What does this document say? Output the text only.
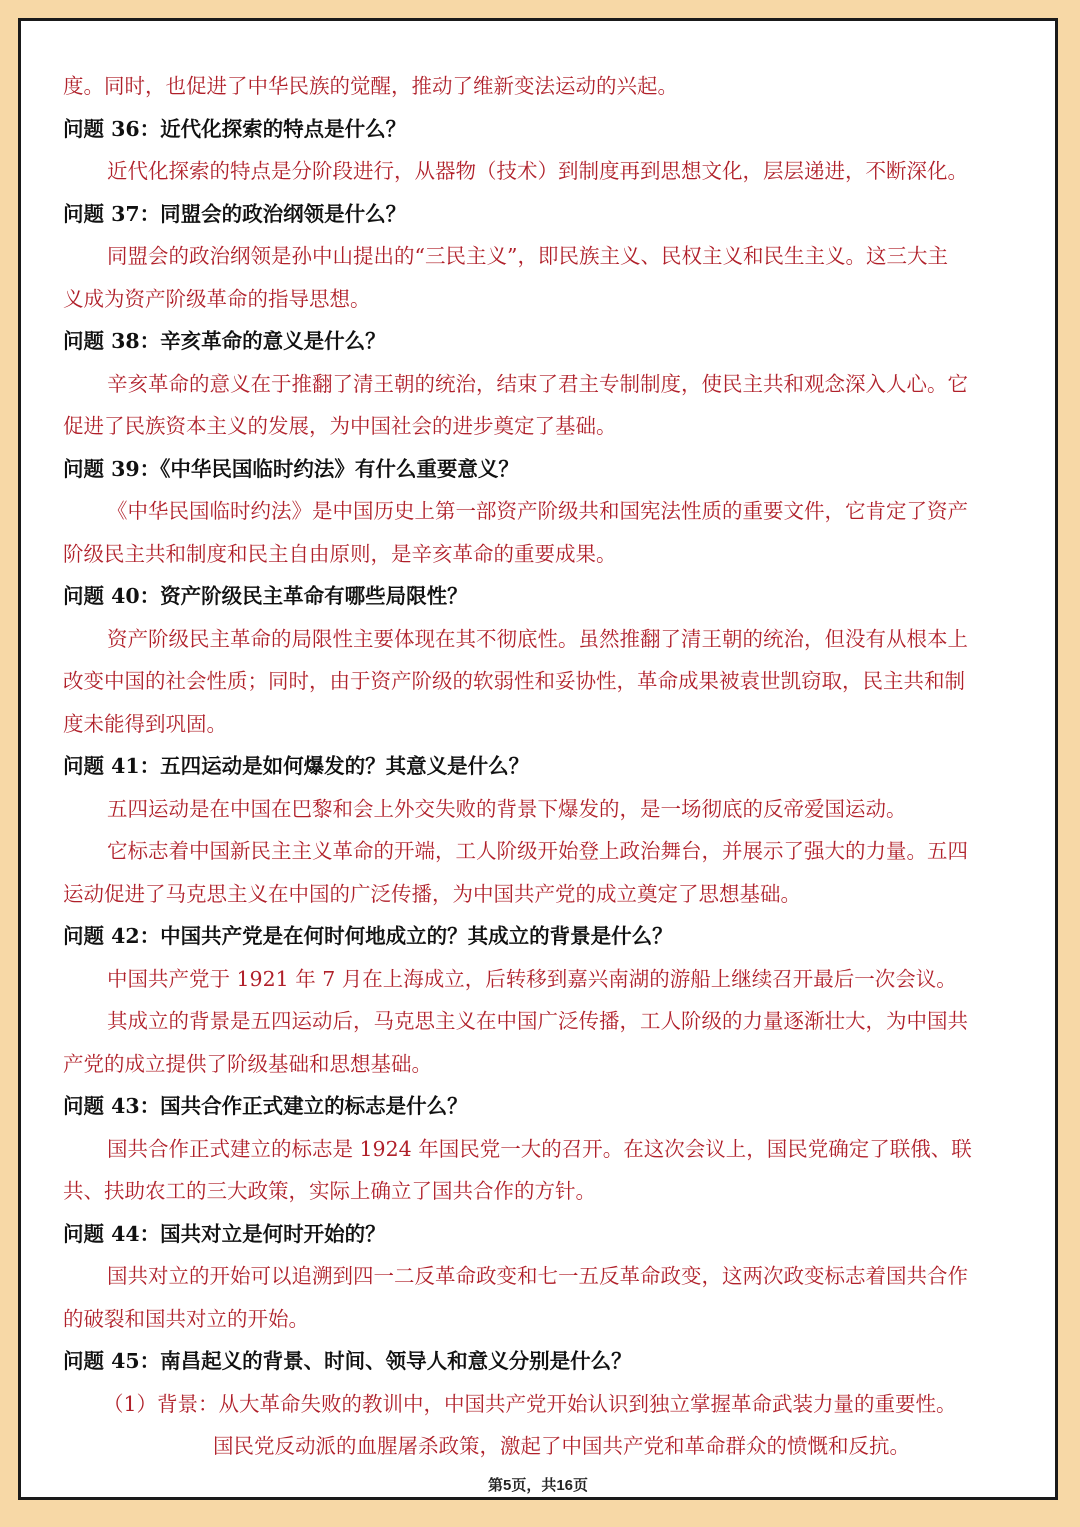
度。同时，也促进了中华民族的觉醒，推动了维新变法运动的兴起。
问题 36：近代化探索的特点是什么？
近代化探索的特点是分阶段进行，从器物（技术）到制度再到思想文化，层层递进，不断深化。
问题 37：同盟会的政治纲领是什么？
同盟会的政治纲领是孙中山提出的“三民主义”，即民族主义、民权主义和民生主义。这三大主
义成为资产阶级革命的指导思想。
问题 38：辛亥革命的意义是什么？
辛亥革命的意义在于推翻了清王朝的统治，结束了君主专制制度，使民主共和观念深入人心。它
促进了民族资本主义的发展，为中国社会的进步奠定了基础。
问题 39：《中华民国临时约法》有什么重要意义？
《中华民国临时约法》是中国历史上第一部资产阶级共和国宪法性质的重要文件，它肯定了资产
阶级民主共和制度和民主自由原则，是辛亥革命的重要成果。
问题 40：资产阶级民主革命有哪些局限性？
资产阶级民主革命的局限性主要体现在其不彻底性。虽然推翻了清王朝的统治，但没有从根本上
改变中国的社会性质；同时，由于资产阶级的软弱性和妥协性，革命成果被袁世凯窃取，民主共和制
度未能得到巩固。
问题 41：五四运动是如何爆发的？其意义是什么？
五四运动是在中国在巴黎和会上外交失败的背景下爆发的，是一场彻底的反帝爱国运动。
它标志着中国新民主主义革命的开端，工人阶级开始登上政治舞台，并展示了强大的力量。五四
运动促进了马克思主义在中国的广泛传播，为中国共产党的成立奠定了思想基础。
问题 42：中国共产党是在何时何地成立的？其成立的背景是什么？
中国共产党于 1921 年 7 月在上海成立，后转移到嘉兴南湖的游船上继续召开最后一次会议。
其成立的背景是五四运动后，马克思主义在中国广泛传播，工人阶级的力量逐渐壮大，为中国共
产党的成立提供了阶级基础和思想基础。
问题 43：国共合作正式建立的标志是什么？
国共合作正式建立的标志是 1924 年国民党一大的召开。在这次会议上，国民党确定了联俄、联
共、扶助农工的三大政策，实际上确立了国共合作的方针。
问题 44：国共对立是何时开始的？
国共对立的开始可以追溯到四一二反革命政变和七一五反革命政变，这两次政变标志着国共合作
的破裂和国共对立的开始。
问题 45：南昌起义的背景、时间、领导人和意义分别是什么？
（1）背景：从大革命失败的教训中，中国共产党开始认识到独立掌握革命武装力量的重要性。
国民党反动派的血腥屠杀政策，激起了中国共产党和革命群众的愤慨和反抗。
第5页，共16页
